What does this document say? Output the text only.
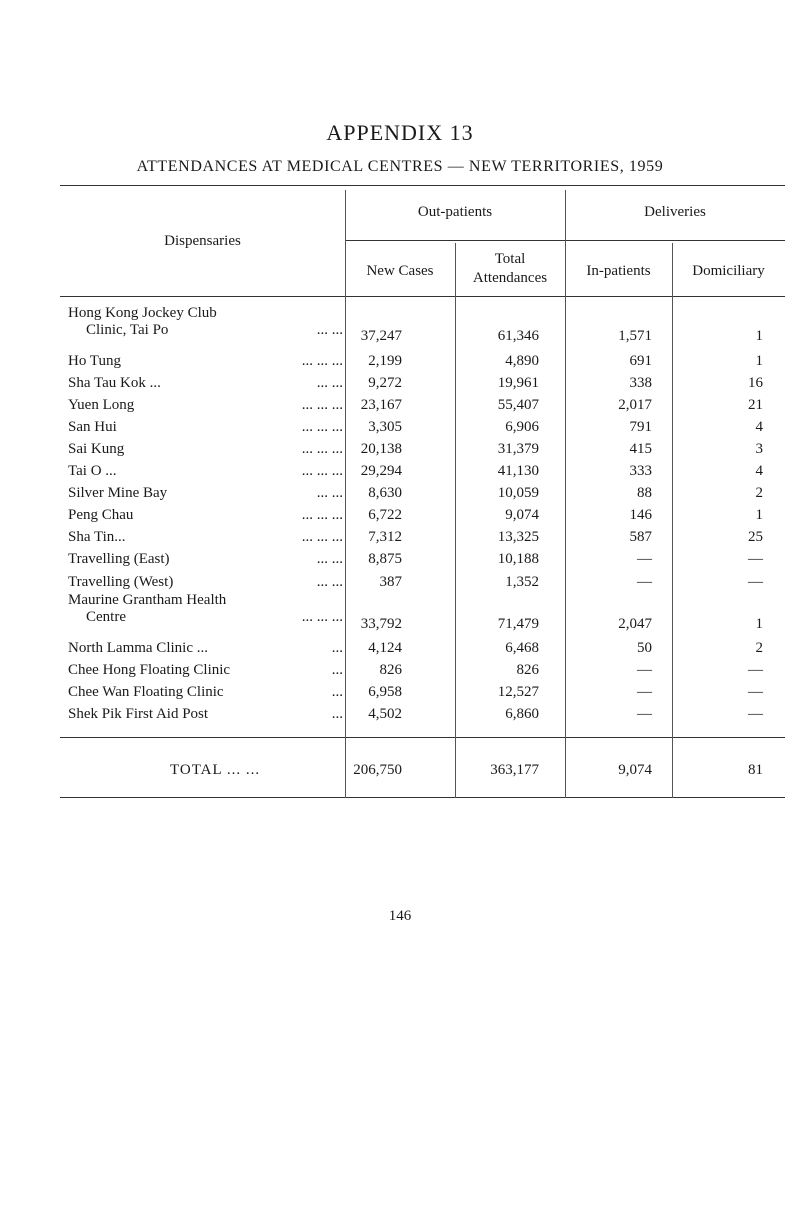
APPENDIX 13
ATTENDANCES AT MEDICAL CENTRES — NEW TERRITORIES, 1959
Dispensaries
Out-patients
New Cases
Total
Attendances
Deliveries
In-patients	Domiciliary
Hong Kong Jockey Club
Clinic, Tai Po	... ...	37,247	61,346	1,571	1
Ho Tung	... ... ...	2,199	4,890	691	1
Sha Tau Kok ...	... ...	9,272	19,961	338	16
Yuen Long	... ... ...	23,167	55,407	2,017	21
San Hui	... ... ...	3,305	6,906	791	4
Sai Kung	... ... ...	20,138	31,379	415	3
Tai O ...	... ... ...	29,294	41,130	333	4
Silver Mine Bay	... ...	8,630	10,059	88	2
Peng Chau	... ... ...	6,722	9,074	146	1
Sha Tin...	... ... ...	7,312	13,325	587	25
Travelling (East)	... ...	8,875	10,188	—	—
Travelling (West)	... ...	387	1,352	—	—
Maurine Grantham Health
Centre	... ... ...	33,792	71,479	2,047	1
North Lamma Clinic ...	...	4,124	6,468	50	2
Chee Hong Floating Clinic	...	826	826	—	—
Chee Wan Floating Clinic	...	6,958	12,527	—	—
Shek Pik First Aid Post	...	4,502	6,860	—	—
TOTAL ... ...	206,750	363,177	9,074	81
146
